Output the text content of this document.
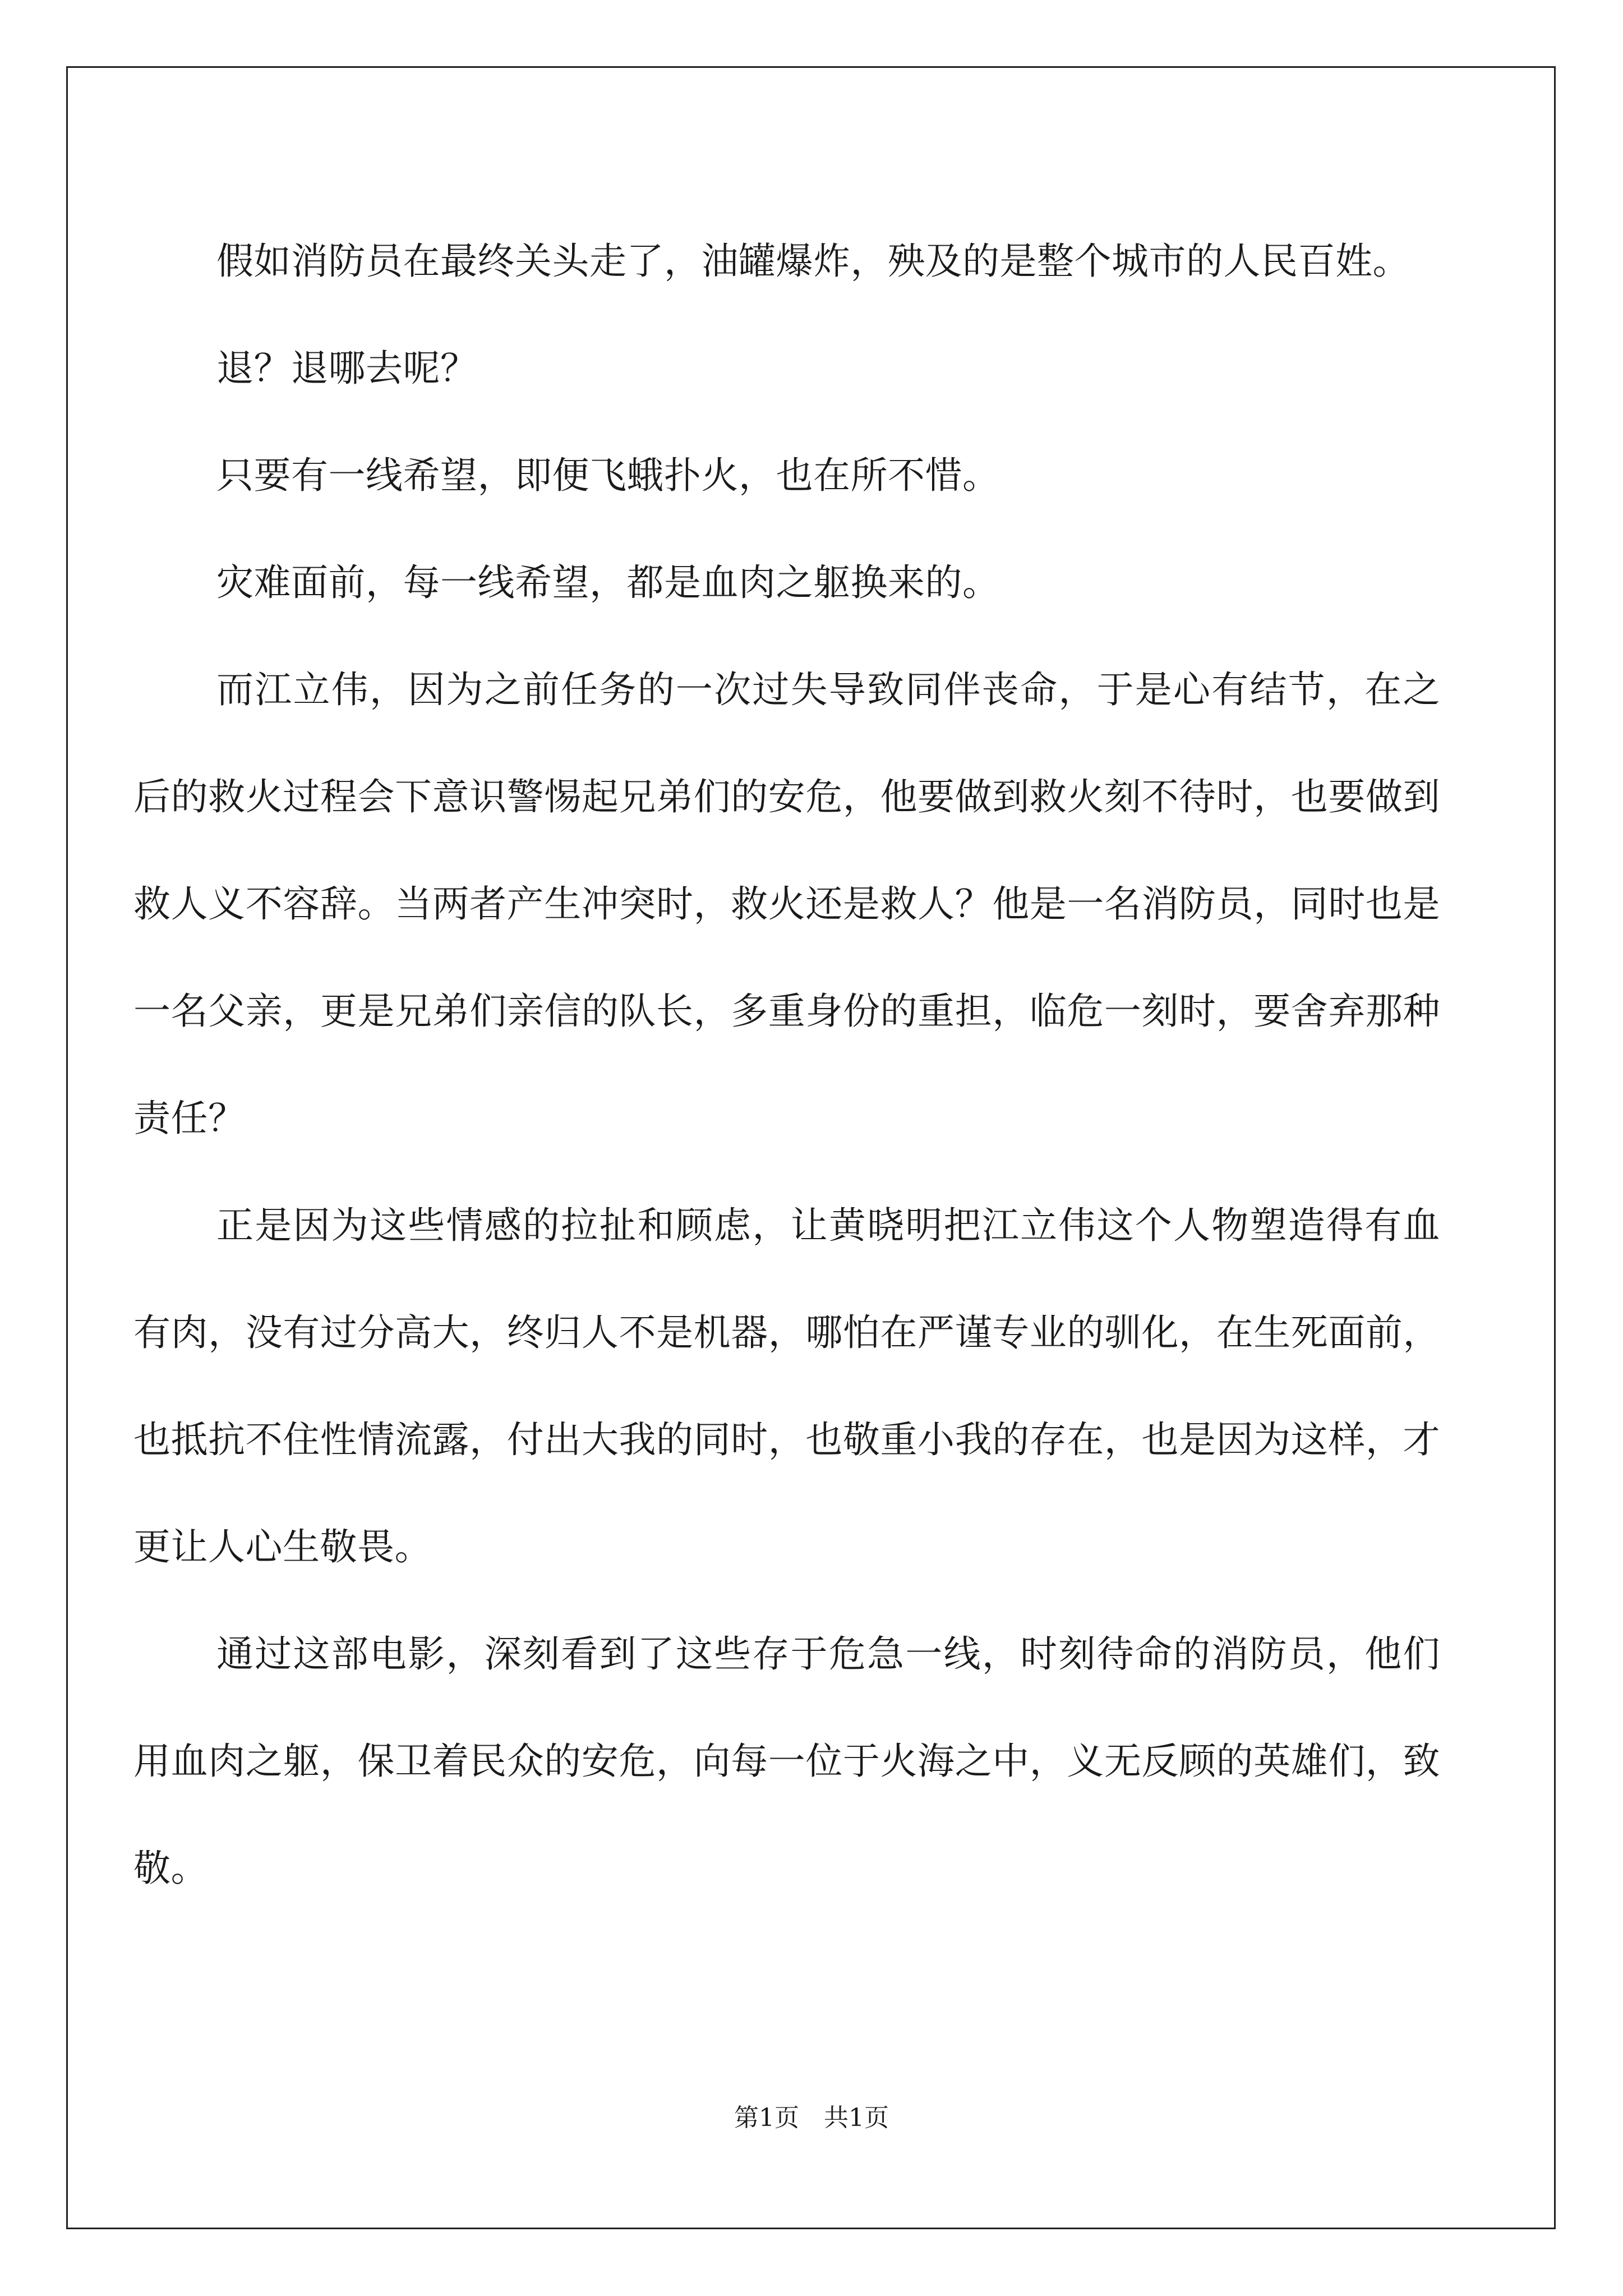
假如消防员在最终关头走了，油罐爆炸，殃及的是整个城市的人民百姓。

退？退哪去呢？

只要有一线希望，即便飞蛾扑火，也在所不惜。

灾难面前，每一线希望，都是血肉之躯换来的。

而江立伟，因为之前任务的一次过失导致同伴丧命，于是心有结节，在之后的救火过程会下意识警惕起兄弟们的安危，他要做到救火刻不待时，也要做到救人义不容辞。当两者产生冲突时，救火还是救人？他是一名消防员，同时也是一名父亲，更是兄弟们亲信的队长，多重身份的重担，临危一刻时，要舍弃那种责任？

正是因为这些情感的拉扯和顾虑，让黄晓明把江立伟这个人物塑造得有血有肉，没有过分高大，终归人不是机器，哪怕在严谨专业的驯化，在生死面前，也抵抗不住性情流露，付出大我的同时，也敬重小我的存在，也是因为这样，才更让人心生敬畏。

通过这部电影，深刻看到了这些存于危急一线，时刻待命的消防员，他们用血肉之躯，保卫着民众的安危，向每一位于火海之中，义无反顾的英雄们，致敬。

第1页　共1页
